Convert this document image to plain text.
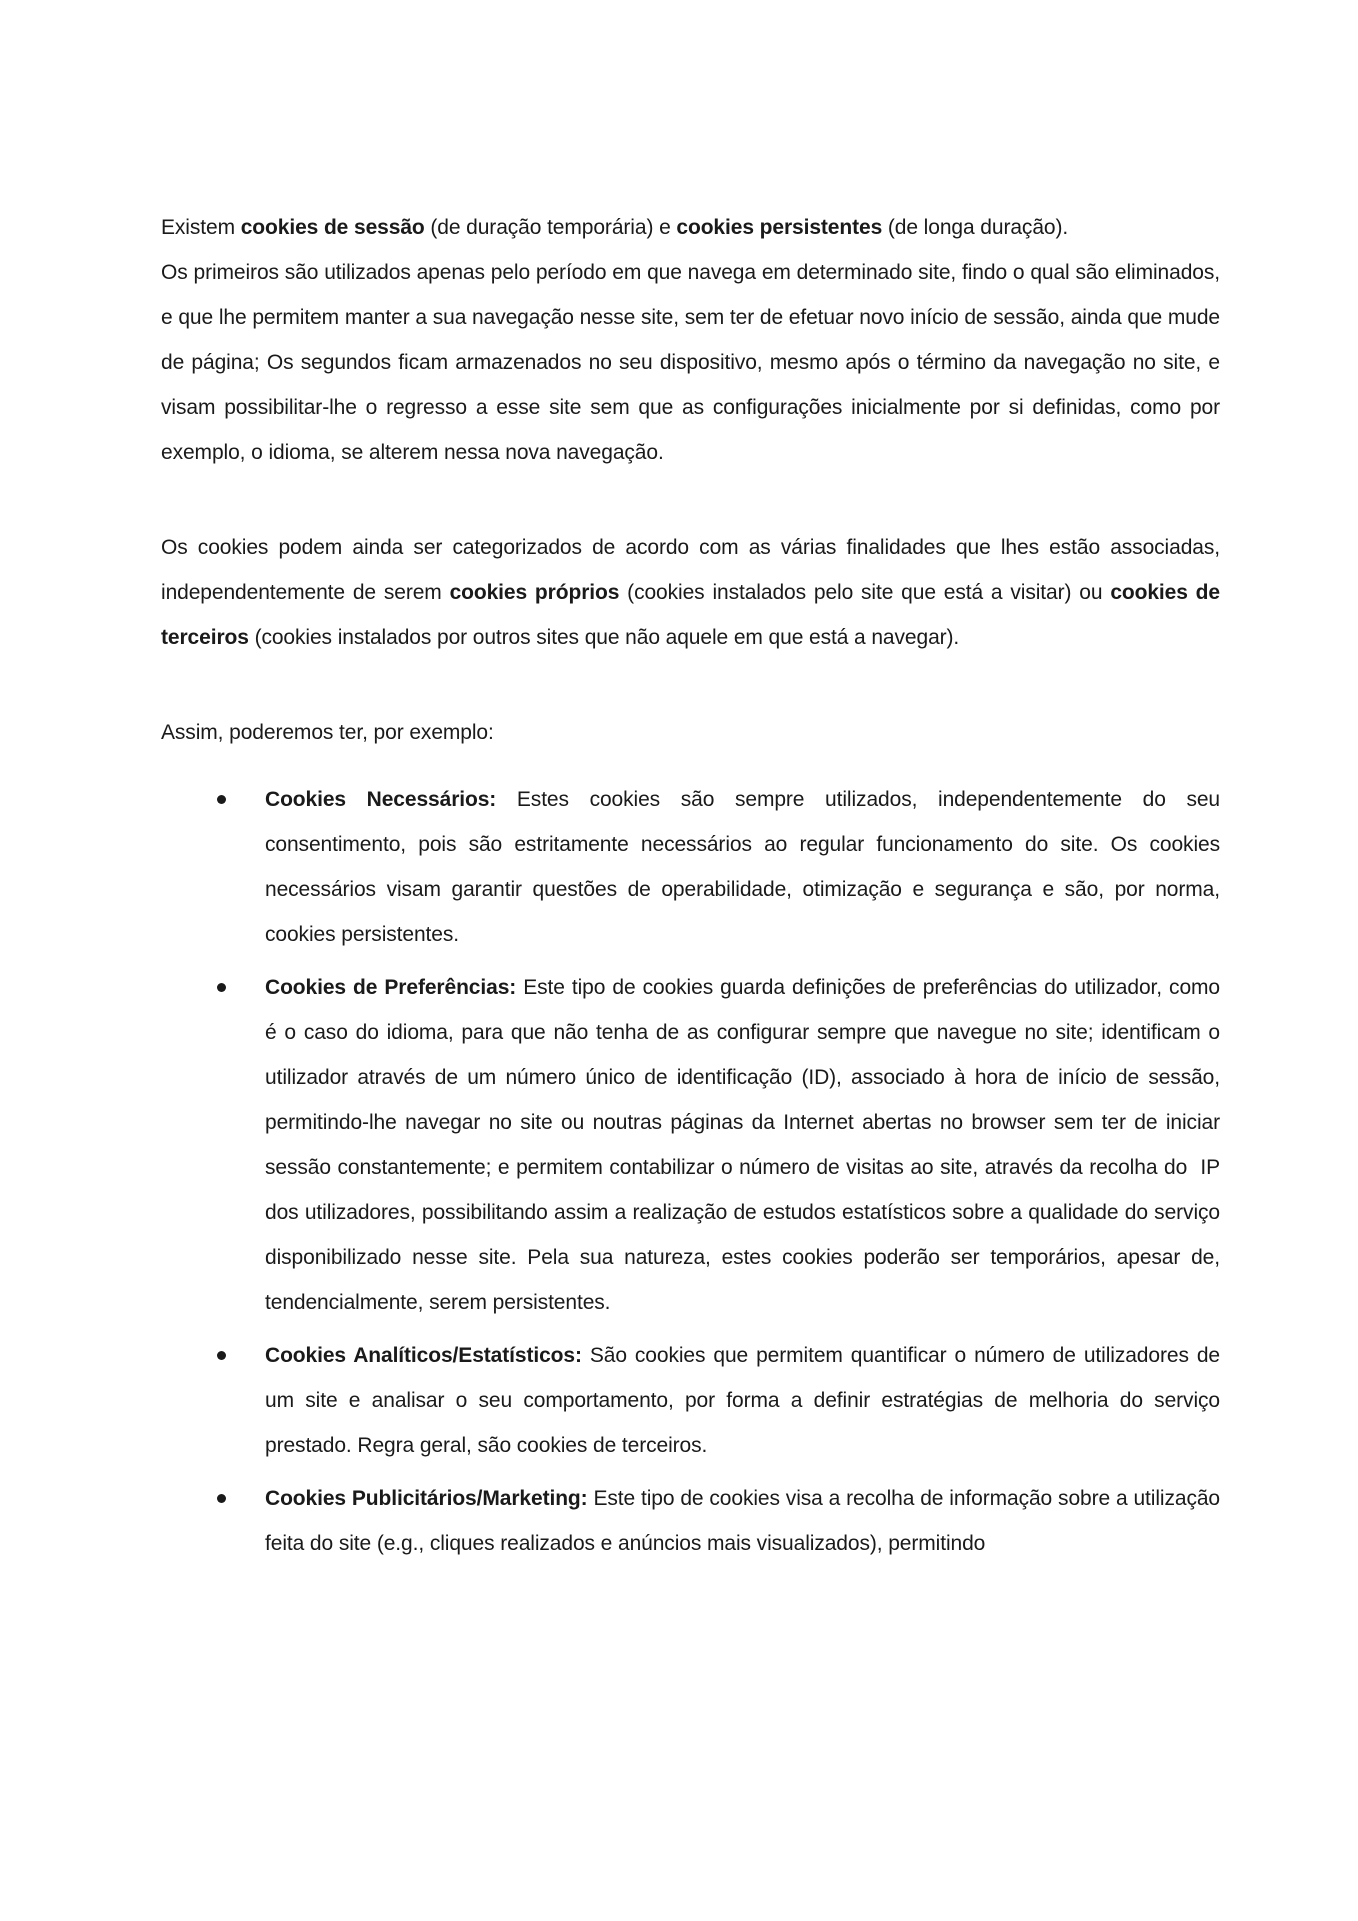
Existem cookies de sessão (de duração temporária) e cookies persistentes (de longa duração).

Os primeiros são utilizados apenas pelo período em que navega em determinado site, findo o qual são eliminados, e que lhe permitem manter a sua navegação nesse site, sem ter de efetuar novo início de sessão, ainda que mude de página; Os segundos ficam armazenados no seu dispositivo, mesmo após o término da navegação no site, e visam possibilitar-lhe o regresso a esse site sem que as configurações inicialmente por si definidas, como por exemplo, o idioma, se alterem nessa nova navegação.

Os cookies podem ainda ser categorizados de acordo com as várias finalidades que lhes estão associadas, independentemente de serem cookies próprios (cookies instalados pelo site que está a visitar) ou cookies de terceiros (cookies instalados por outros sites que não aquele em que está a navegar).

Assim, poderemos ter, por exemplo:

Cookies Necessários: Estes cookies são sempre utilizados, independentemente do seu consentimento, pois são estritamente necessários ao regular funcionamento do site. Os cookies necessários visam garantir questões de operabilidade, otimização e segurança e são, por norma, cookies persistentes.
Cookies de Preferências: Este tipo de cookies guarda definições de preferências do utilizador, como é o caso do idioma, para que não tenha de as configurar sempre que navegue no site; identificam o utilizador através de um número único de identificação (ID), associado à hora de início de sessão, permitindo-lhe navegar no site ou noutras páginas da Internet abertas no browser sem ter de iniciar sessão constantemente; e permitem contabilizar o número de visitas ao site, através da recolha do  IP dos utilizadores, possibilitando assim a realização de estudos estatísticos sobre a qualidade do serviço disponibilizado nesse site. Pela sua natureza, estes cookies poderão ser temporários, apesar de, tendencialmente, serem persistentes.
Cookies Analíticos/Estatísticos: São cookies que permitem quantificar o número de utilizadores de um site e analisar o seu comportamento, por forma a definir estratégias de melhoria do serviço prestado. Regra geral, são cookies de terceiros.
Cookies Publicitários/Marketing: Este tipo de cookies visa a recolha de informação sobre a utilização feita do site (e.g., cliques realizados e anúncios mais visualizados), permitindo
